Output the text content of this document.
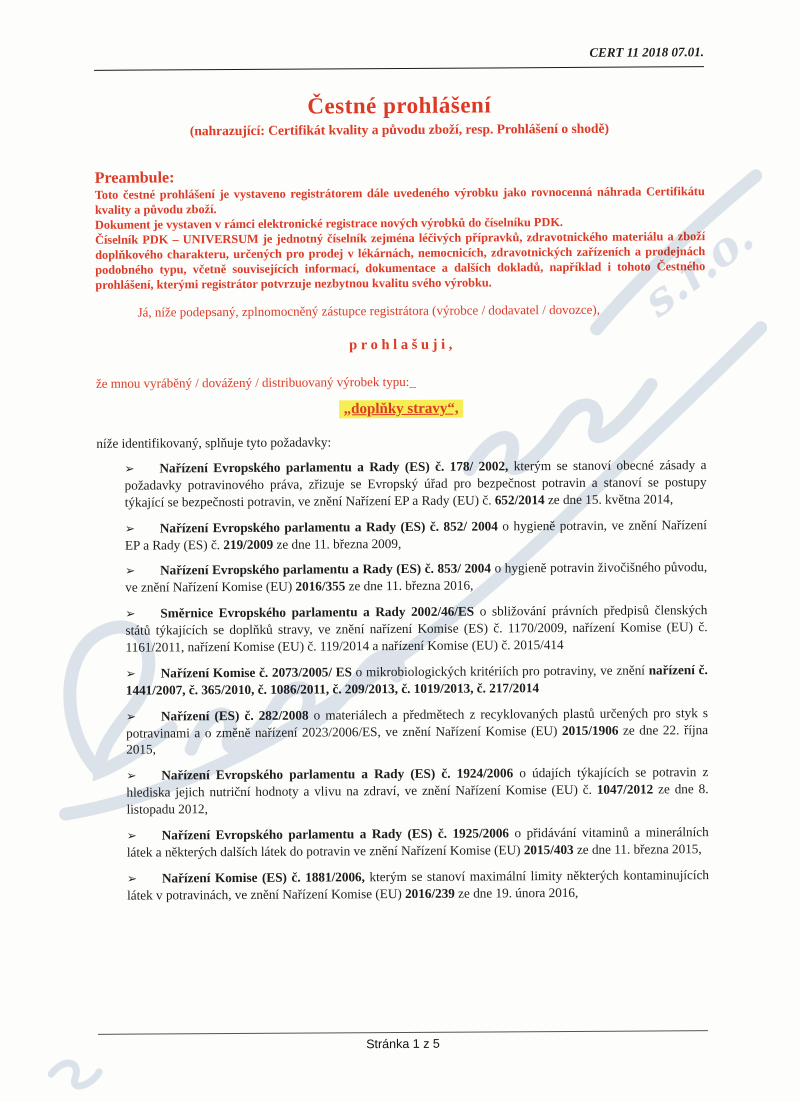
s.r.o.
CERT 11 2018 07.01.
Čestné prohlášení
(nahrazující: Certifikát kvality a původu zboží, resp. Prohlášení o shodě)
Preambule:

Toto čestné prohlášení je vystaveno registrátorem dále uvedeného výrobku jako rovnocenná náhrada Certifikátu kvality a původu zboží.

Dokument je vystaven v rámci elektronické registrace nových výrobků do číselníku PDK.

Číselník PDK – UNIVERSUM je jednotný číselník zejména léčivých přípravků, zdravotnického materiálu a zboží doplňkového charakteru, určených pro prodej v lékárnách, nemocnicích, zdravotnických zařízeních a prodejnách podobného typu, včetně souvisejících informací, dokumentace a dalších dokladů, například i tohoto Čestného prohlášení, kterými registrátor potvrzuje nezbytnou kvalitu svého výrobku.

Já, níže podepsaný, zplnomocněný zástupce registrátora (výrobce / dodavatel / dovozce),

p r o h l a š u j i ,

že mnou vyráběný / dovážený / distribuovaný výrobek typu:_

„doplňky stravy“,

níže identifikovaný, splňuje tyto požadavky:

➢ Nařízení Evropského parlamentu a Rady (ES) č. 178/ 2002, kterým se stanoví obecné zásady a požadavky potravinového práva, zřizuje se Evropský úřad pro bezpečnost potravin a stanoví se postupy týkající se bezpečnosti potravin, ve znění Nařízení EP a Rady (EU) č. 652/2014 ze dne 15. května 2014,

➢ Nařízení Evropského parlamentu a Rady (ES) č. 852/ 2004 o hygieně potravin, ve znění Nařízení EP a Rady (ES) č. 219/2009 ze dne 11. března 2009,

➢ Nařízení Evropského parlamentu a Rady (ES) č. 853/ 2004 o hygieně potravin živočišného původu, ve znění Nařízení Komise (EU) 2016/355 ze dne 11. března 2016,

➢ Směrnice Evropského parlamentu a Rady 2002/46/ES o sbližování právních předpisů členských států týkajících se doplňků stravy, ve znění nařízení Komise (ES) č. 1170/2009, nařízení Komise (EU) č. 1161/2011, nařízení Komise (EU) č. 119/2014 a nařízení Komise (EU) č. 2015/414

➢ Nařízení Komise č. 2073/2005/ ES o mikrobiologických kritériích pro potraviny, ve znění nařízení č. 1441/2007, č. 365/2010, č. 1086/2011, č. 209/2013, č. 1019/2013, č. 217/2014

➢ Nařízení (ES) č. 282/2008 o materiálech a předmětech z recyklovaných plastů určených pro styk s potravinami a o změně nařízení 2023/2006/ES, ve znění Nařízení Komise (EU) 2015/1906 ze dne 22. října 2015,

➢ Nařízení Evropského parlamentu a Rady (ES) č. 1924/2006 o údajích týkajících se potravin z hlediska jejich nutriční hodnoty a vlivu na zdraví, ve znění Nařízení Komise (EU) č. 1047/2012 ze dne 8. listopadu 2012,

➢ Nařízení Evropského parlamentu a Rady (ES) č. 1925/2006 o přidávání vitaminů a minerálních látek a některých dalších látek do potravin ve znění Nařízení Komise (EU) 2015/403 ze dne 11. března 2015,

➢ Nařízení Komise (ES) č. 1881/2006, kterým se stanoví maximální limity některých kontaminujících látek v potravinách, ve znění Nařízení Komise (EU) 2016/239 ze dne 19. února 2016,

Stránka 1 z 5
